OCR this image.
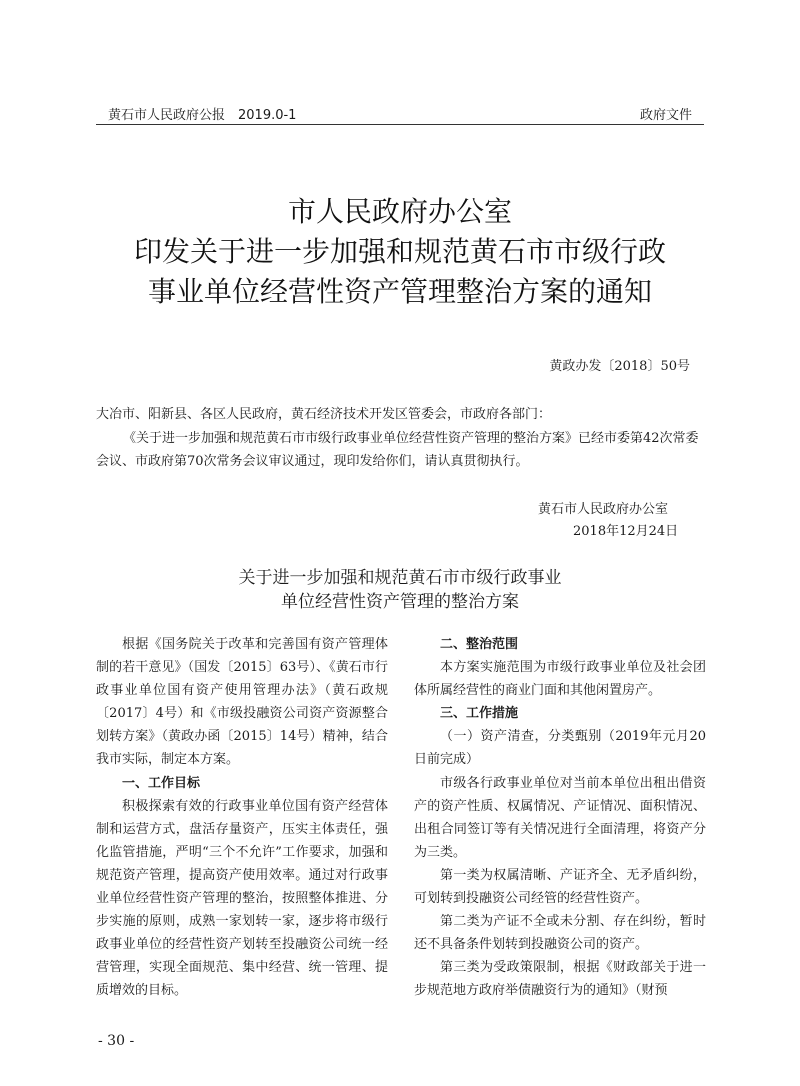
黄石市人民政府公报　2019.0-1	政府文件
市人民政府办公室
印发关于进一步加强和规范黄石市市级行政
事业单位经营性资产管理整治方案的通知
黄政办发〔2018〕50号
大冶市、阳新县、各区人民政府，黄石经济技术开发区管委会，市政府各部门：
《关于进一步加强和规范黄石市市级行政事业单位经营性资产管理的整治方案》已经市委第42次常委会议、市政府第70次常务会议审议通过，现印发给你们，请认真贯彻执行。
黄石市人民政府办公室
2018年12月24日
关于进一步加强和规范黄石市市级行政事业
单位经营性资产管理的整治方案

根据《国务院关于改革和完善国有资产管理体制的若干意见》（国发〔2015〕63号）、《黄石市行政事业单位国有资产使用管理办法》（黄石政规〔2017〕4号）和《市级投融资公司资产资源整合划转方案》（黄政办函〔2015〕14号）精神，结合我市实际，制定本方案。

一、工作目标

积极探索有效的行政事业单位国有资产经营体制和运营方式，盘活存量资产，压实主体责任，强化监管措施，严明“三个不允许”工作要求，加强和规范资产管理，提高资产使用效率。通过对行政事业单位经营性资产管理的整治，按照整体推进、分步实施的原则，成熟一家划转一家，逐步将市级行政事业单位的经营性资产划转至投融资公司统一经营管理，实现全面规范、集中经营、统一管理、提质增效的目标。

二、整治范围

本方案实施范围为市级行政事业单位及社会团体所属经营性的商业门面和其他闲置房产。

三、工作措施

（一）资产清查，分类甄别（2019年元月20日前完成）

市级各行政事业单位对当前本单位出租出借资产的资产性质、权属情况、产证情况、面积情况、出租合同签订等有关情况进行全面清理，将资产分为三类。

第一类为权属清晰、产证齐全、无矛盾纠纷，可划转到投融资公司经管的经营性资产。

第二类为产证不全或未分割、存在纠纷，暂时还不具备条件划转到投融资公司的资产。

第三类为受政策限制，根据《财政部关于进一步规范地方政府举债融资行为的通知》（财预

- 30 -
